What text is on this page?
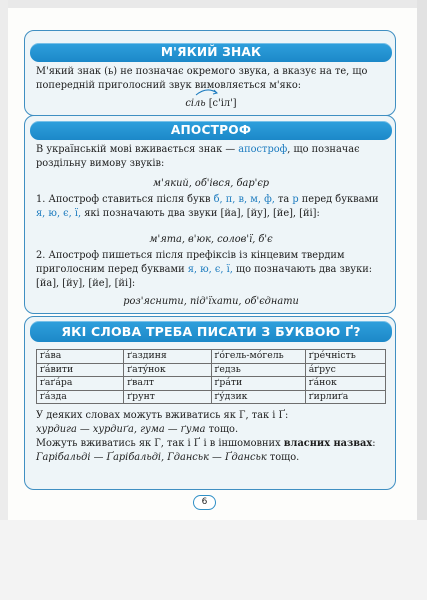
М'ЯКИЙ ЗНАК

М'який знак (ь) не позначає окремого звука, а вказує на те, що попередній приголосний звук вимовляється м'яко:

сіль [с'іл']
АПОСТРОФ

В українській мові вживається знак — апостроф, що позначає роздільну вимову звуків:

м'який, об'івся, бар'єр

1. Апостроф ставиться після букв б, п, в, м, ф, та р перед буквами я, ю, є, ї, які позначають два звуки [йа], [йу], [йе], [йі]:

м'ята, в'юк, солов'ї, б'є

2. Апостроф пишеться після префіксів із кінцевим твердим приголосним перед буквами я, ю, є, ї, що позначають два звуки: [йа], [йу], [йе], [йі]:

роз'яснити, під'їхати, об'єднати
ЯКІ СЛОВА ТРЕБА ПИСАТИ З БУКВОЮ Ґ?
ґáва	ґаздиня	ґóгель-мóгель	ґрéчність
ґáвити	ґатýнок	ґедзь	áґрус
ґаґáра	ґвалт	ґрáти	ґáнок
ґáзда	ґрунт	ґýдзик	ґирлиґа

У деяких словах можуть вживатись як Г, так і Ґ:
хурдига — хурдиґа, гума — ґума тощо.

Можуть вживатись як Г, так і Ґ і в іншомовних власних назвах: Гарібальді — Ґарібальді, Гданськ — Ґданськ тощо.

6
